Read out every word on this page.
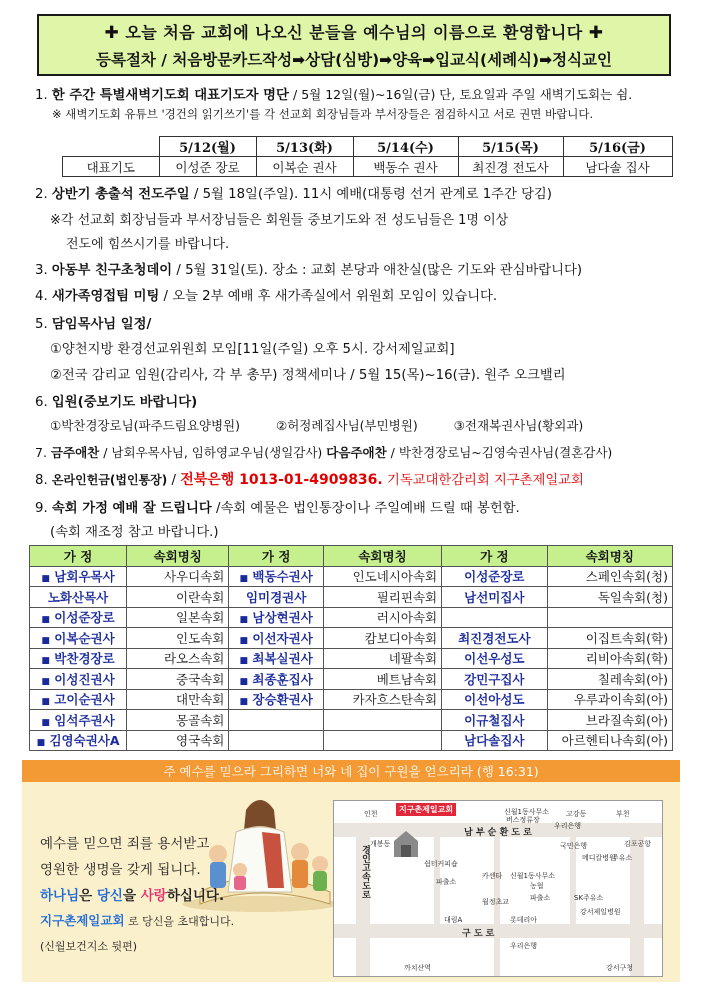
✚ 오늘 처음 교회에 나오신 분들을 예수님의 이름으로 환영합니다 ✚
등록절차 / 처음방문카드작성➡상담(심방)➡양육➡입교식(세례식)➡정식교인
1. 한 주간 특별새벽기도회 대표기도자 명단 / 5월 12일(월)~16일(금) 단, 토요일과 주일 새벽기도회는 쉼.
※ 새벽기도회 유튜브 '경건의 읽기쓰기'를 각 선교회 회장님들과 부서장들은 점검하시고 서로 권면 바랍니다.
	5/12(월)	5/13(화)	5/14(수)	5/15(목)	5/16(금)
대표기도	이성준 장로	이복순 권사	백동수 권사	최진경 전도사	남다솔 집사
2. 상반기 총출석 전도주일 / 5월 18일(주일). 11시 예배(대통령 선거 관계로 1주간 당김)
※각 선교회 회장님들과 부서장님들은 회원들 중보기도와 전 성도님들은 1명 이상
전도에 힘쓰시기를 바랍니다.
3. 아동부 친구초청데이 / 5월 31일(토). 장소 : 교회 본당과 애찬실(많은 기도와 관심바랍니다)
4. 새가족영접팀 미팅 / 오늘 2부 예배 후 새가족실에서 위원회 모임이 있습니다.
5. 담임목사님 일정/
①양천지방 환경선교위원회 모임[11일(주일) 오후 5시. 강서제일교회]
②전국 감리교 임원(감리사, 각 부 총무) 정책세미나 / 5월 15(목)~16(금). 원주 오크밸리
6. 입원(중보기도 바랍니다)
①박찬경장로님(파주드림요양병원)	②허정례집사님(부민병원)	③전재복권사님(황외과)
7. 금주애찬 / 남회우목사님, 임하영교우님(생일감사) 다음주애찬 / 박찬경장로님~김영숙권사님(결혼감사)
8. 온라인헌금(법인통장) / 전북은행 1013-01-4909836. 기독교대한감리회 지구촌제일교회
9. 속회 가정 예배 잘 드립니다 /속회 예물은 법인통장이나 주일예배 드릴 때 봉헌함.
(속회 재조정 참고 바랍니다.)
가 정	속회명칭	가 정	속회명칭	가 정	속회명칭
■ 남회우목사	사우디속회	■ 백동수권사	인도네시아속회	이성준장로	스페인속회(청)
노화산목사	이란속회	임미경권사	필리핀속회	남선미집사	독일속회(청)
■ 이성준장로	일본속회	■ 남상현권사	러시아속회		
■ 이복순권사	인도속회	■ 이선자권사	캄보디아속회	최진경전도사	이집트속회(학)
■ 박찬경장로	라오스속회	■ 최복실권사	네팔속회	이선우성도	리비아속회(학)
■ 이성진권사	중국속회	■ 최종훈집사	베트남속회	강민구집사	칠레속회(아)
■ 고이순권사	대만속회	■ 장승환권사	카자흐스탄속회	이선아성도	우루과이속회(아)
■ 임석주권사	몽골속회			이규철집사	브라질속회(아)
■ 김영숙권사A	영국속회			남다솔집사	아르헨티나속회(아)
주 예수를 믿으라 그리하면 너와 네 집이 구원을 얻으리라 (행 16:31)
예수를 믿으면 죄를 용서받고
영원한 생명을 갖게 됩니다.
하나님은 당신을 사랑하십니다.
지구촌제일교회 로 당신을 초대합니다.
(신월보건지소 뒷편)
지구촌제일교회
남 부 순 환 도 로
구 도 로
경인고속도로
인천
개봉동
고강동	부천
김포공항
국민은행
우리은행
신월1동사무소
버스정류장
메디칼병원
주유소
쉼터커피숍
파출소
카센타 신월1동사무소
농협
파출소
월정초교	SK주유소
강서제일병원
대림A	롯데리아
우리은행
까치산역	강서구청
